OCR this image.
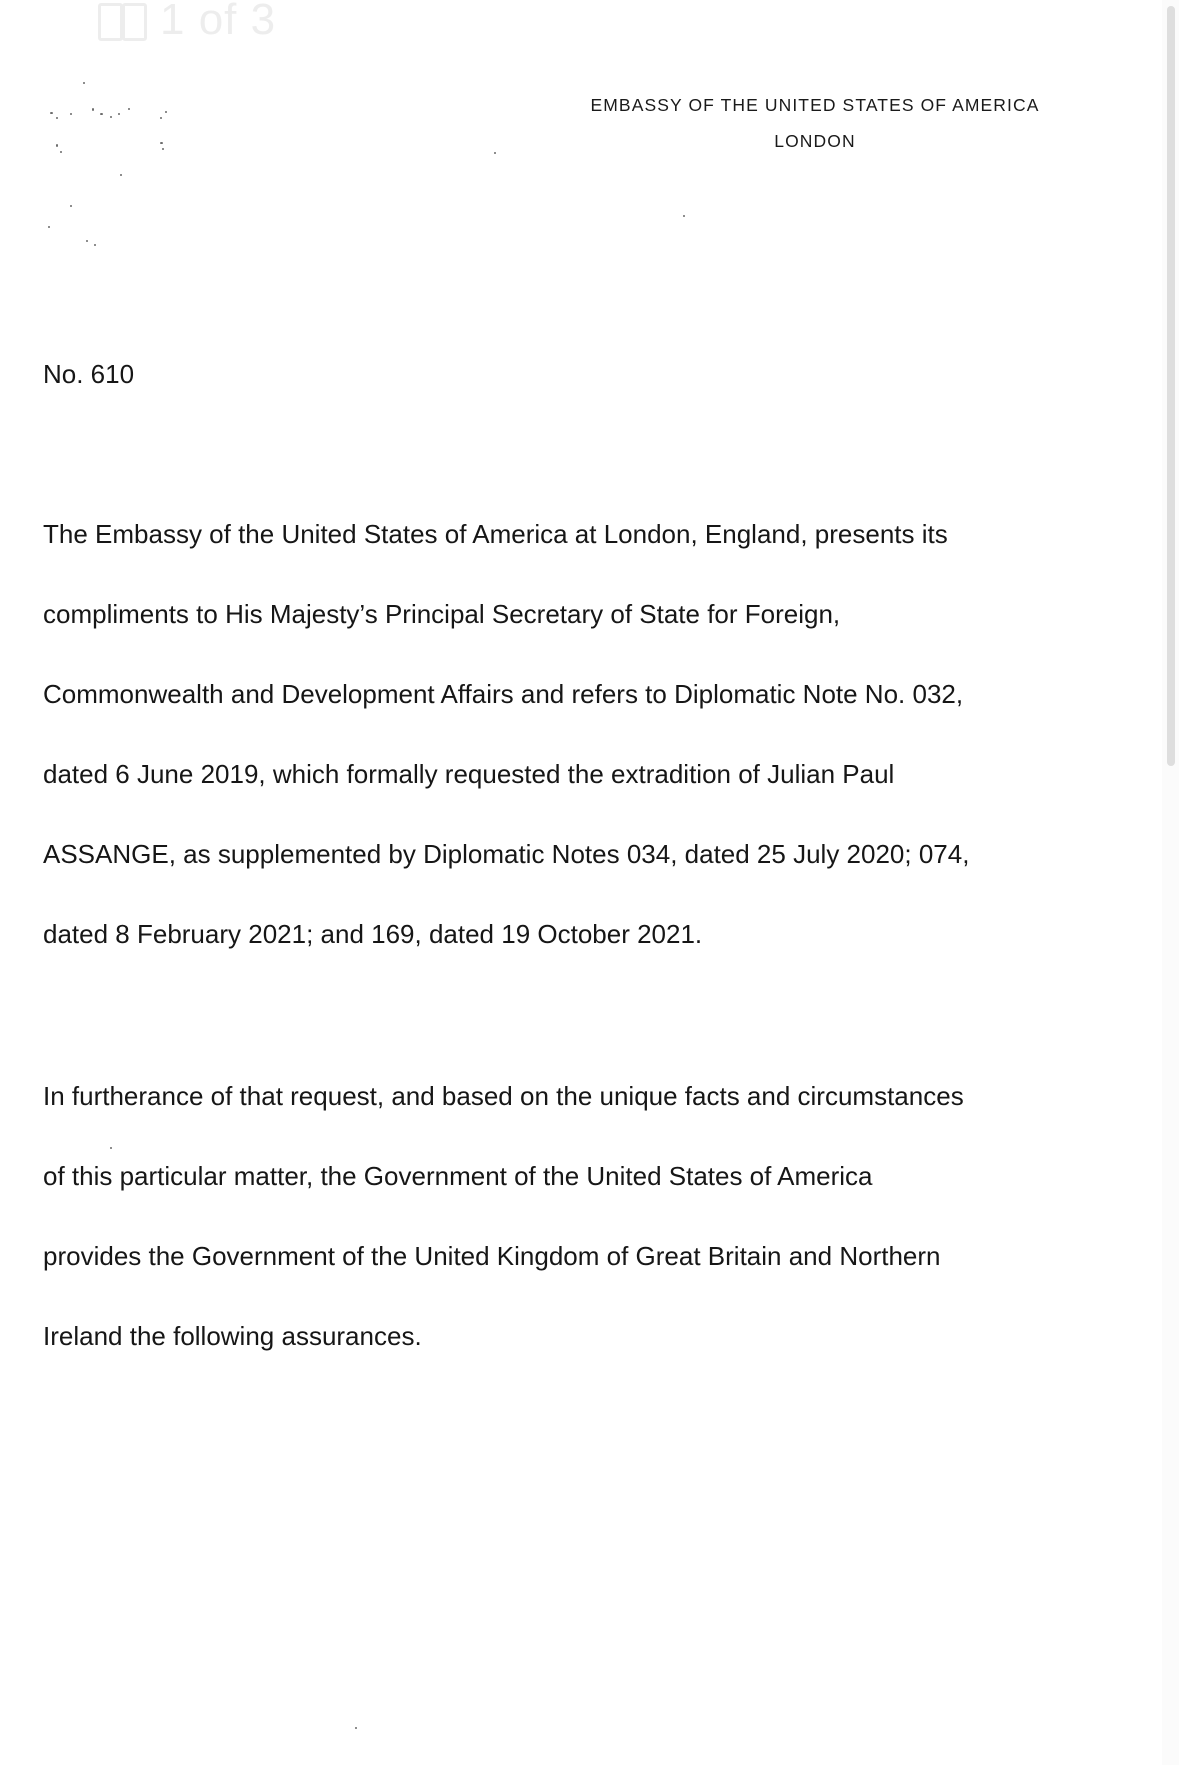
1 of 3
EMBASSY OF THE UNITED STATES OF AMERICA
LONDON
No. 610
The Embassy of the United States of America at London, England, presents its
compliments to His Majesty’s Principal Secretary of State for Foreign,
Commonwealth and Development Affairs and refers to Diplomatic Note No. 032,
dated 6 June 2019, which formally requested the extradition of Julian Paul
ASSANGE, as supplemented by Diplomatic Notes 034, dated 25 July 2020; 074,
dated 8 February 2021; and 169, dated 19 October 2021.
In furtherance of that request, and based on the unique facts and circumstances
of this particular matter, the Government of the United States of America
provides the Government of the United Kingdom of Great Britain and Northern
Ireland the following assurances.
